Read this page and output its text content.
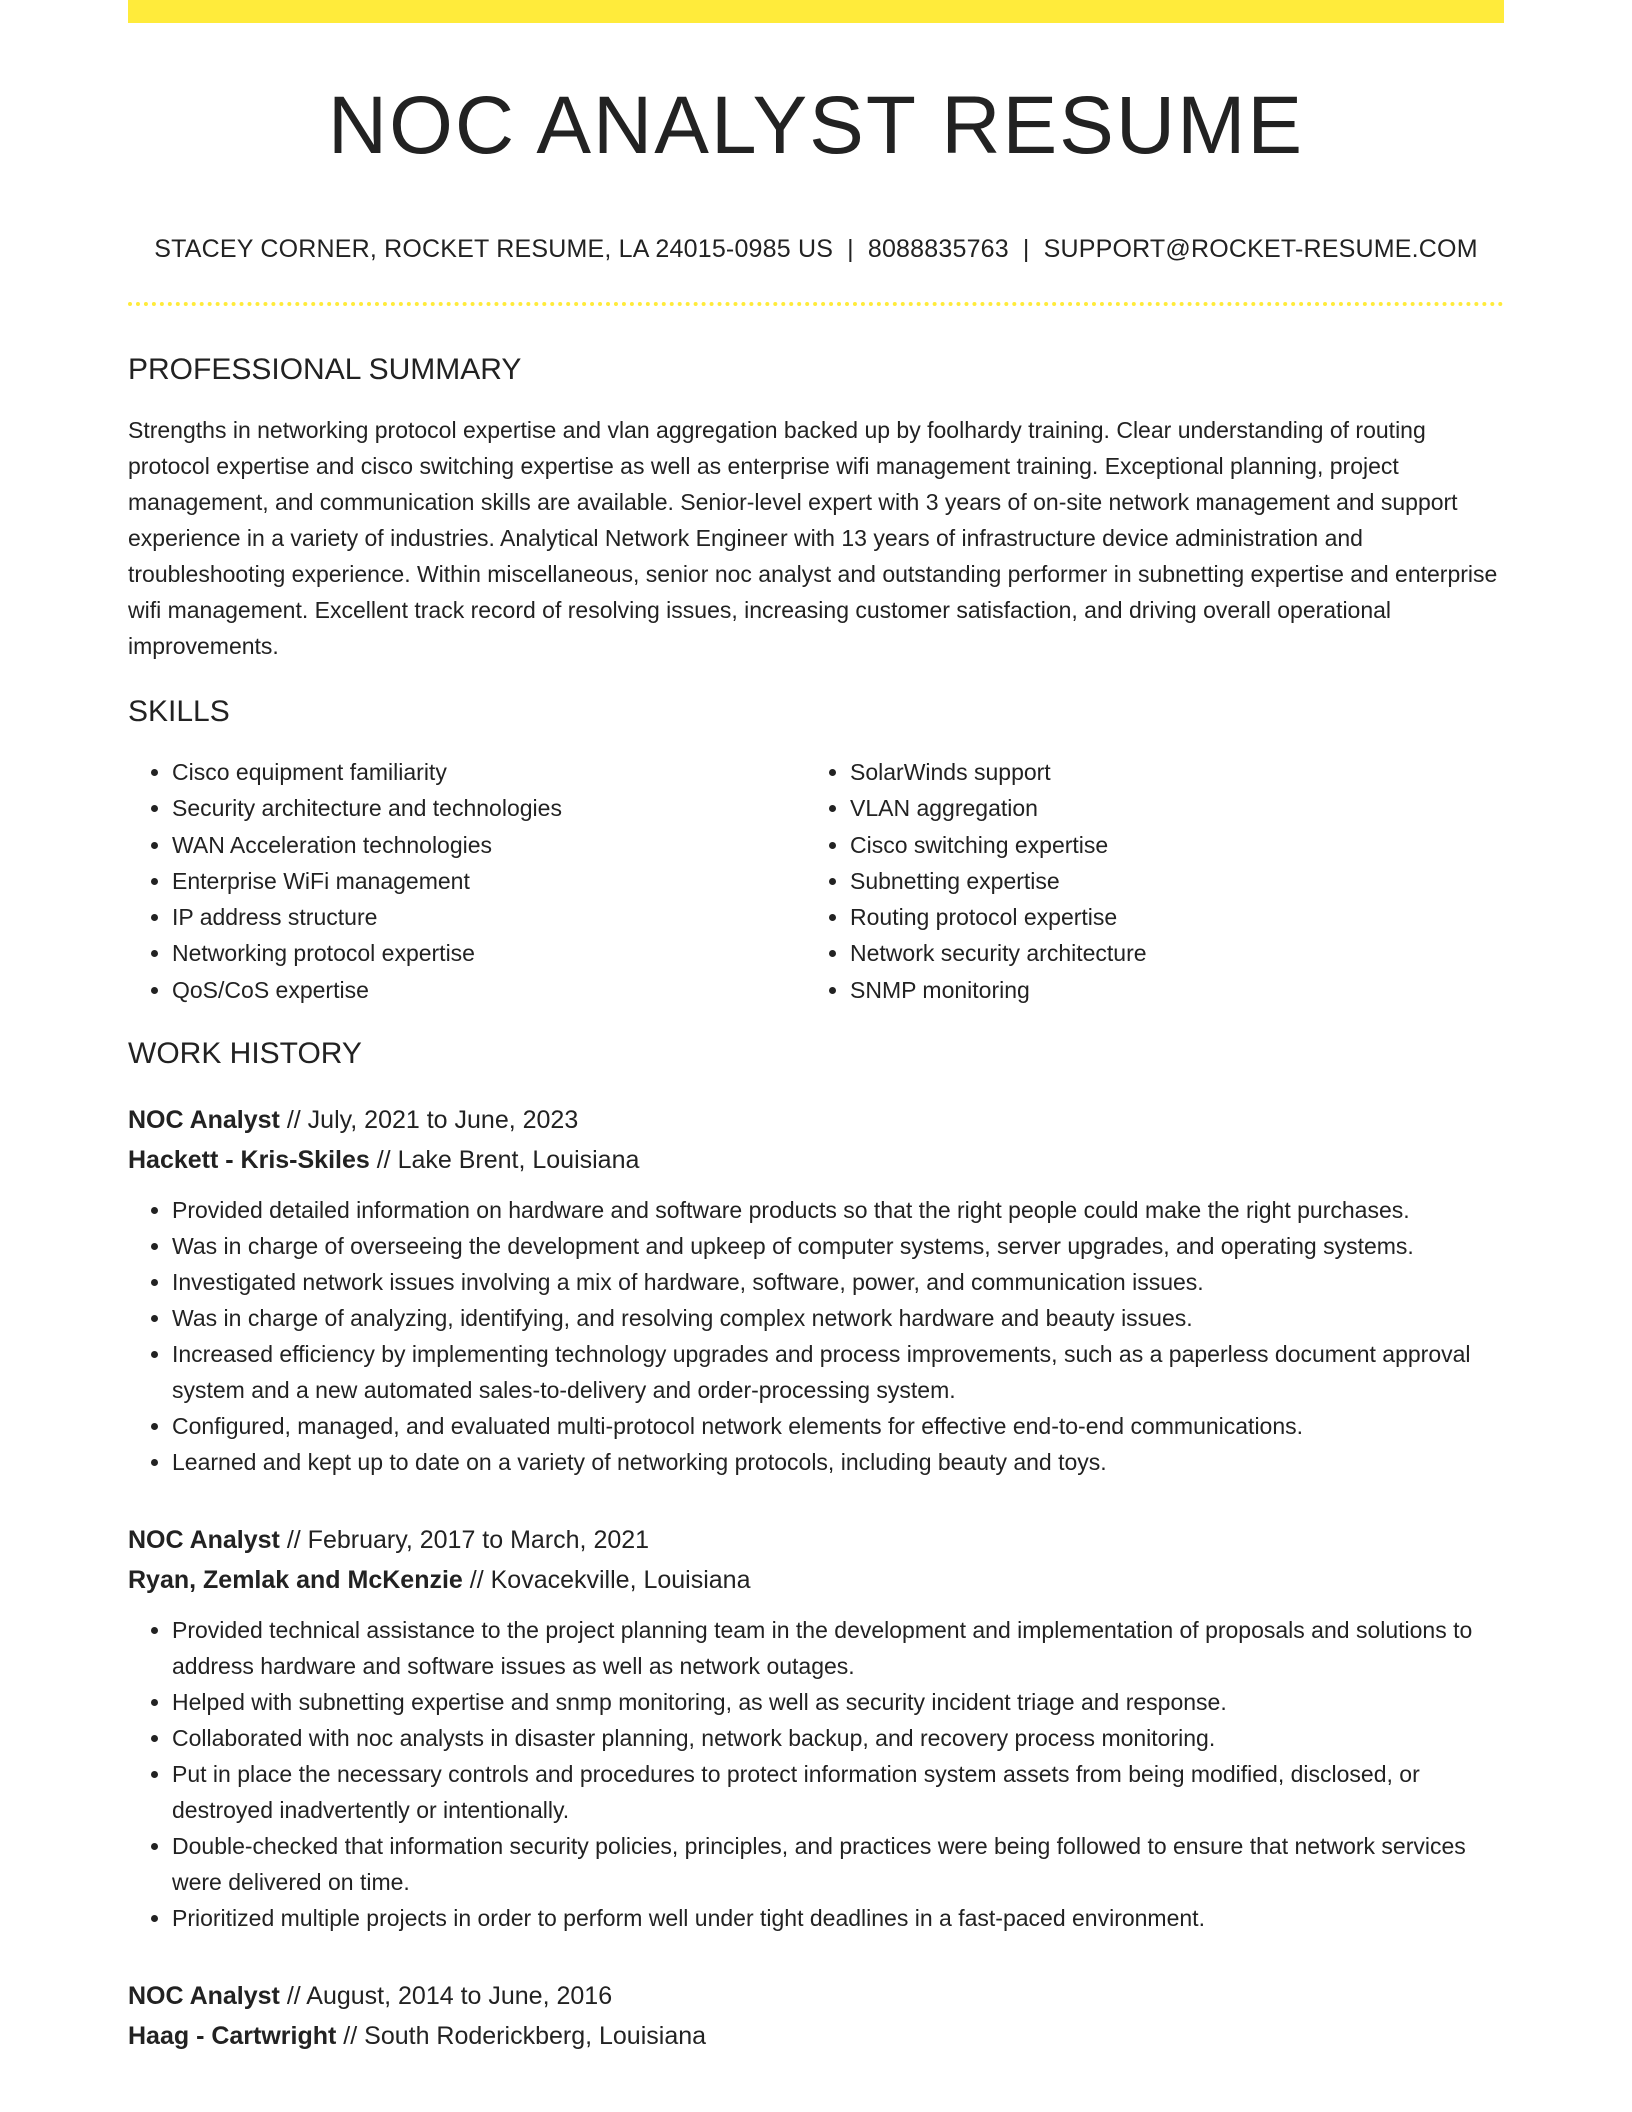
NOC ANALYST RESUME
STACEY CORNER, ROCKET RESUME, LA 24015-0985 US | 8088835763 | SUPPORT@ROCKET-RESUME.COM
PROFESSIONAL SUMMARY

Strengths in networking protocol expertise and vlan aggregation backed up by foolhardy training. Clear understanding of routing protocol expertise and cisco switching expertise as well as enterprise wifi management training. Exceptional planning, project management, and communication skills are available. Senior-level expert with 3 years of on-site network management and support experience in a variety of industries. Analytical Network Engineer with 13 years of infrastructure device administration and troubleshooting experience. Within miscellaneous, senior noc analyst and outstanding performer in subnetting expertise and enterprise wifi management. Excellent track record of resolving issues, increasing customer satisfaction, and driving overall operational improvements.

SKILLS
• Cisco equipment familiarity
• Security architecture and technologies
• WAN Acceleration technologies
• Enterprise WiFi management
• IP address structure
• Networking protocol expertise
• QoS/CoS expertise
• SolarWinds support
• VLAN aggregation
• Cisco switching expertise
• Subnetting expertise
• Routing protocol expertise
• Network security architecture
• SNMP monitoring
WORK HISTORY
NOC Analyst // July, 2021 to June, 2023
Hackett - Kris-Skiles // Lake Brent, Louisiana
• Provided detailed information on hardware and software products so that the right people could make the right purchases.
• Was in charge of overseeing the development and upkeep of computer systems, server upgrades, and operating systems.
• Investigated network issues involving a mix of hardware, software, power, and communication issues.
• Was in charge of analyzing, identifying, and resolving complex network hardware and beauty issues.
• Increased efficiency by implementing technology upgrades and process improvements, such as a paperless document approval system and a new automated sales-to-delivery and order-processing system.
• Configured, managed, and evaluated multi-protocol network elements for effective end-to-end communications.
• Learned and kept up to date on a variety of networking protocols, including beauty and toys.
NOC Analyst // February, 2017 to March, 2021
Ryan, Zemlak and McKenzie // Kovacekville, Louisiana
• Provided technical assistance to the project planning team in the development and implementation of proposals and solutions to address hardware and software issues as well as network outages.
• Helped with subnetting expertise and snmp monitoring, as well as security incident triage and response.
• Collaborated with noc analysts in disaster planning, network backup, and recovery process monitoring.
• Put in place the necessary controls and procedures to protect information system assets from being modified, disclosed, or destroyed inadvertently or intentionally.
• Double-checked that information security policies, principles, and practices were being followed to ensure that network services were delivered on time.
• Prioritized multiple projects in order to perform well under tight deadlines in a fast-paced environment.
NOC Analyst // August, 2014 to June, 2016
Haag - Cartwright // South Roderickberg, Louisiana
